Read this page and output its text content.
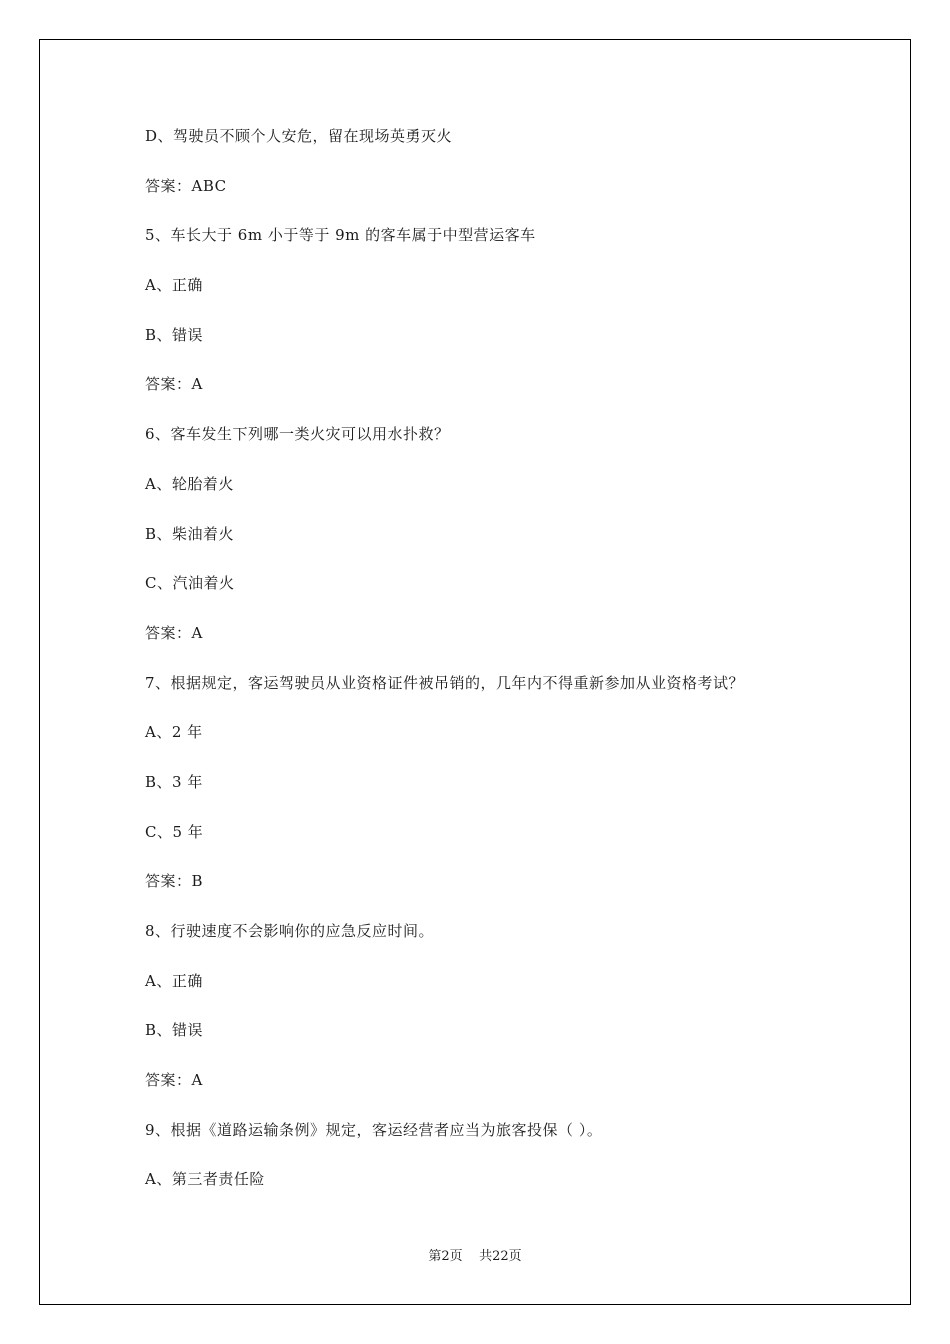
D、驾驶员不顾个人安危，留在现场英勇灭火
答案：ABC
5、车长大于 6m 小于等于 9m 的客车属于中型营运客车
A、正确
B、错误
答案：A
6、客车发生下列哪一类火灾可以用水扑救？
A、轮胎着火
B、柴油着火
C、汽油着火
答案：A
7、根据规定，客运驾驶员从业资格证件被吊销的，几年内不得重新参加从业资格考试？
A、2 年
B、3 年
C、5 年
答案：B
8、行驶速度不会影响你的应急反应时间。
A、正确
B、错误
答案：A
9、根据《道路运输条例》规定，客运经营者应当为旅客投保（ ）。
A、第三者责任险
第2页    共22页
